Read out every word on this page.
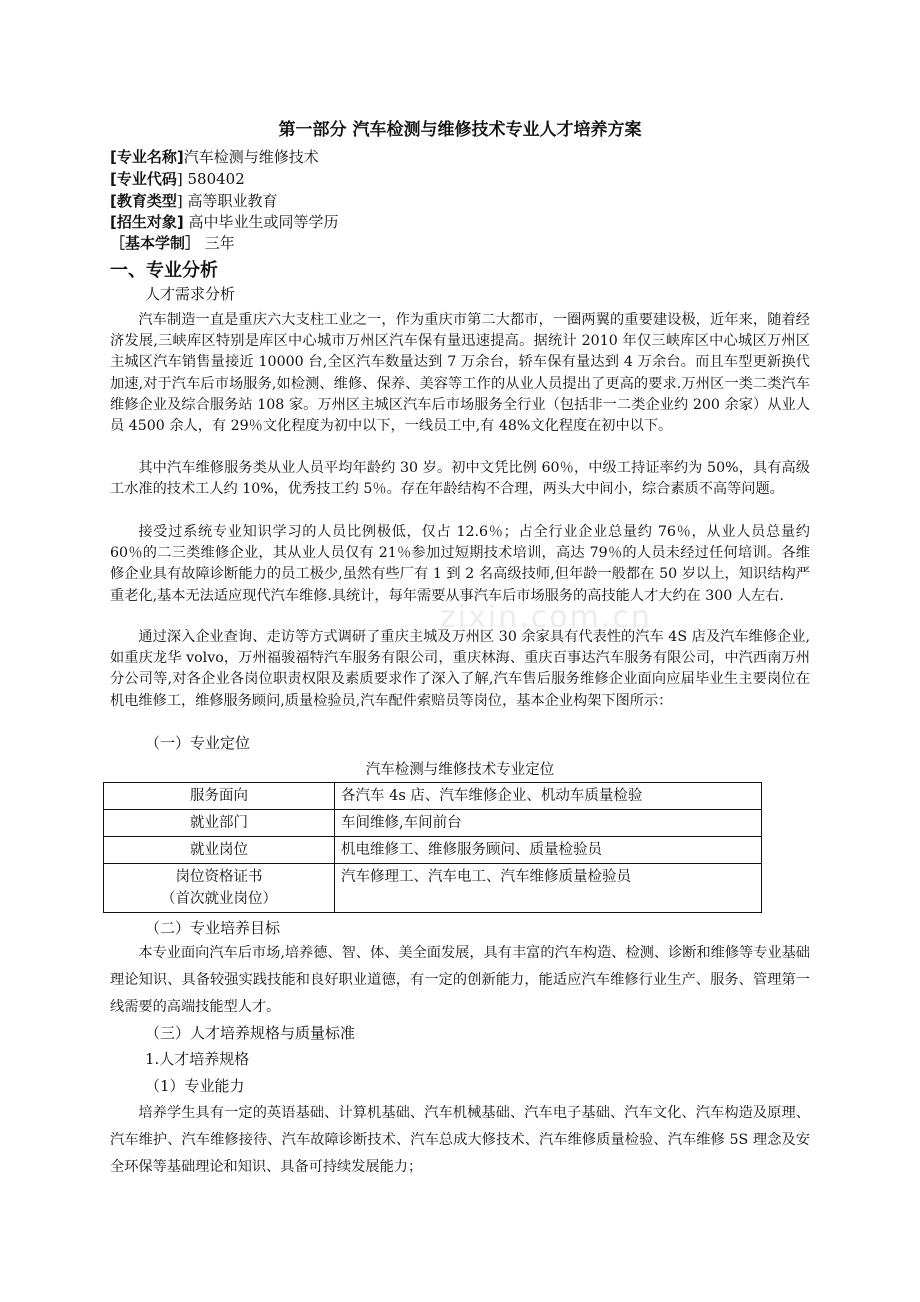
第一部分 汽车检测与维修技术专业人才培养方案
[专业名称]汽车检测与维修技术
[专业代码] 580402
[教育类型] 高等职业教育
[招生对象] 高中毕业生或同等学历
［基本学制］ 三年
一、专业分析
人才需求分析
汽车制造一直是重庆六大支柱工业之一，作为重庆市第二大都市，一圈两翼的重要建设极，近年来，随着经济发展,三峡库区特别是库区中心城市万州区汽车保有量迅速提高。据统计 2010 年仅三峡库区中心城区万州区主城区汽车销售量接近 10000 台,全区汽车数量达到 7 万余台，轿车保有量达到 4 万余台。而且车型更新换代加速,对于汽车后市场服务,如检测、维修、保养、美容等工作的从业人员提出了更高的要求.万州区一类二类汽车维修企业及综合服务站 108 家。万州区主城区汽车后市场服务全行业（包括非一二类企业约 200 余家）从业人员 4500 余人，有 29％文化程度为初中以下，一线员工中,有 48%文化程度在初中以下。
其中汽车维修服务类从业人员平均年龄约 30 岁。初中文凭比例 60％，中级工持证率约为 50%，具有高级工水准的技术工人约 10%，优秀技工约 5％。存在年龄结构不合理，两头大中间小，综合素质不高等问题。
接受过系统专业知识学习的人员比例极低，仅占 12.6％；占全行业企业总量约 76％，从业人员总量约 60％的二三类维修企业，其从业人员仅有 21％参加过短期技术培训，高达 79％的人员未经过任何培训。各维修企业具有故障诊断能力的员工极少,虽然有些厂有 1 到 2 名高级技师,但年龄一般都在 50 岁以上，知识结构严重老化,基本无法适应现代汽车维修.具统计，每年需要从事汽车后市场服务的高技能人才大约在 300 人左右.
通过深入企业查询、走访等方式调研了重庆主城及万州区 30 余家具有代表性的汽车 4S 店及汽车维修企业,如重庆龙华 volvo，万州福骏福特汽车服务有限公司，重庆林海、重庆百事达汽车服务有限公司，中汽西南万州分公司等,对各企业各岗位职责权限及素质要求作了深入了解,汽车售后服务维修企业面向应届毕业生主要岗位在机电维修工，维修服务顾问,质量检验员,汽车配件索赔员等岗位，基本企业构架下图所示：
（一）专业定位
汽车检测与维修技术专业定位
服务面向	各汽车 4s 店、汽车维修企业、机动车质量检验
就业部门	车间维修,车间前台
就业岗位	机电维修工、维修服务顾问、质量检验员

岗位资格证书
（首次就业岗位）	汽车修理工、汽车电工、汽车维修质量检验员
（二）专业培养目标
本专业面向汽车后市场,培养德、智、体、美全面发展，具有丰富的汽车构造、检测、诊断和维修等专业基础理论知识、具备较强实践技能和良好职业道德，有一定的创新能力，能适应汽车维修行业生产、服务、管理第一线需要的高端技能型人才。
（三）人才培养规格与质量标准
1.人才培养规格
（1）专业能力
培养学生具有一定的英语基础、计算机基础、汽车机械基础、汽车电子基础、汽车文化、汽车构造及原理、汽车维护、汽车维修接待、汽车故障诊断技术、汽车总成大修技术、汽车维修质量检验、汽车维修 5S 理念及安全环保等基础理论和知识、具备可持续发展能力；
zixin.com.cn
